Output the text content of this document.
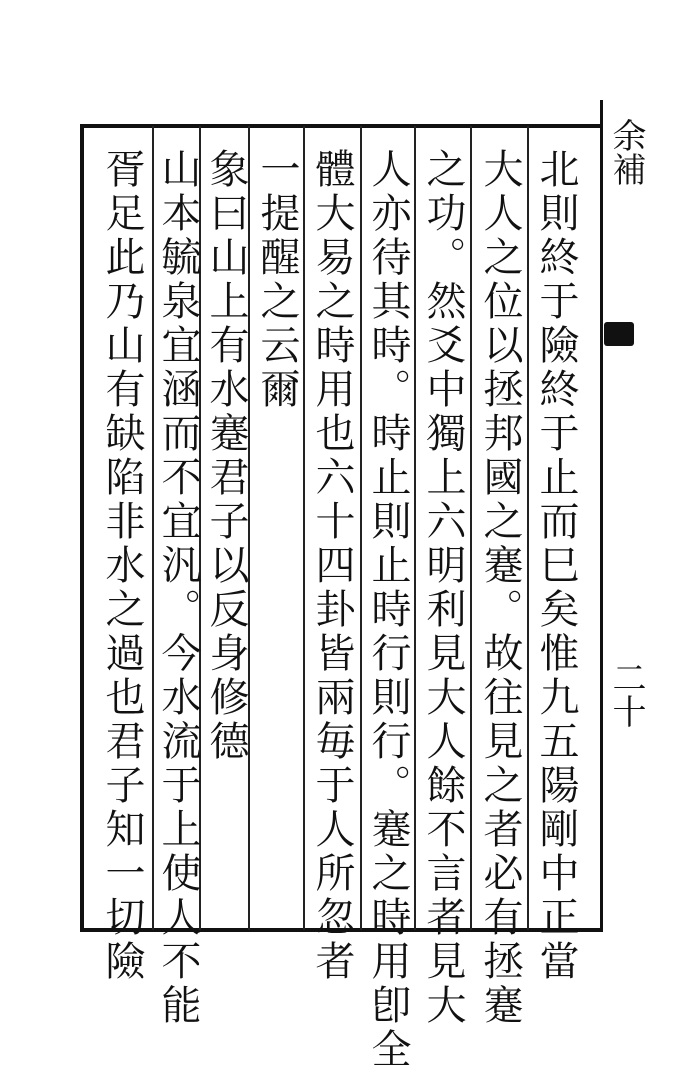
北則終于險終于止而巳矣惟九五陽剛中正當
大人之位以拯邦國之蹇。故往見之者必有拯蹇
之功。然爻中獨上六明利見大人餘不言者見大
人亦待其時。時止則止時行則行。蹇之時用卽全
體大易之時用也六十四卦皆兩毎于人所忽者
一提醒之云爾
象曰山上有水蹇君子以反身修德
山本毓泉宜涵而不宜汎。今水流于上使人不能
胥足此乃山有缺陷非水之過也君子知一切險	余補
二十
